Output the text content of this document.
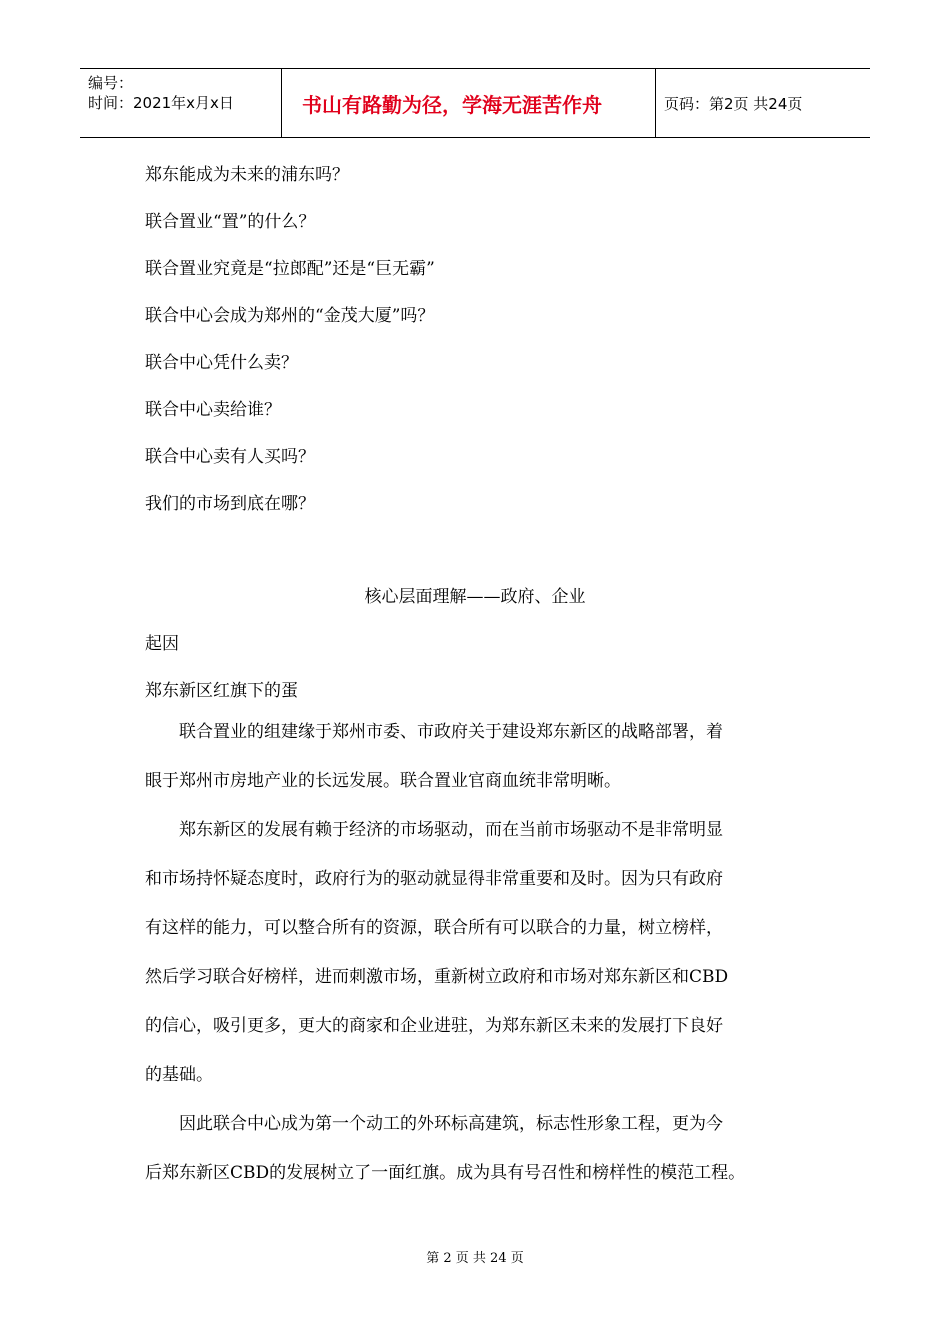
编号：
时间：2021年x月x日	书山有路勤为径，学海无涯苦作舟	页码：第2页 共24页
郑东能成为未来的浦东吗？
联合置业“置”的什么？
联合置业究竟是“拉郎配”还是“巨无霸”
联合中心会成为郑州的“金茂大厦”吗？
联合中心凭什么卖？
联合中心卖给谁？
联合中心卖有人买吗？
我们的市场到底在哪？
核心层面理解——政府、企业
起因
郑东新区红旗下的蛋
　　联合置业的组建缘于郑州市委、市政府关于建设郑东新区的战略部署，着
眼于郑州市房地产业的长远发展。联合置业官商血统非常明晰。
　　郑东新区的发展有赖于经济的市场驱动，而在当前市场驱动不是非常明显
和市场持怀疑态度时，政府行为的驱动就显得非常重要和及时。因为只有政府
有这样的能力，可以整合所有的资源，联合所有可以联合的力量，树立榜样，
然后学习联合好榜样，进而刺激市场，重新树立政府和市场对郑东新区和CBD
的信心，吸引更多，更大的商家和企业进驻，为郑东新区未来的发展打下良好
的基础。
　　因此联合中心成为第一个动工的外环标高建筑，标志性形象工程，更为今
后郑东新区CBD的发展树立了一面红旗。成为具有号召性和榜样性的模范工程。
第 2 页 共 24 页
